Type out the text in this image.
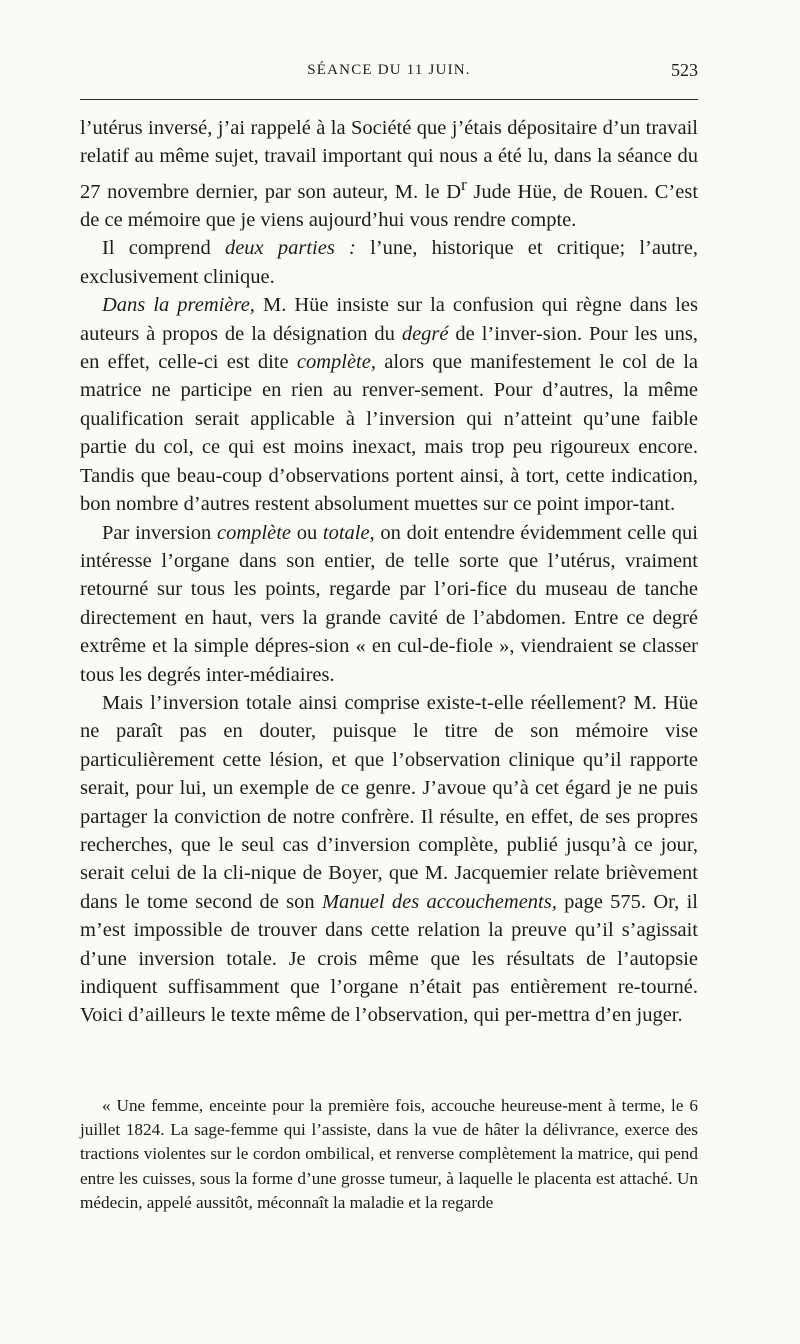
SÉANCE DU 11 JUIN.	523

l’utérus inversé, j’ai rappelé à la Société que j’étais dépositaire d’un travail relatif au même sujet, travail important qui nous a été lu, dans la séance du 27 novembre dernier, par son auteur, M. le $D^r$ Jude Hüe, de Rouen. C’est de ce mémoire que je viens aujourd’hui vous rendre compte.

Il comprend deux parties : l’une, historique et critique; l’autre, exclusivement clinique.

Dans la première, M. Hüe insiste sur la confusion qui règne dans les auteurs à propos de la désignation du degré de l’inver-sion. Pour les uns, en effet, celle-ci est dite complète, alors que manifestement le col de la matrice ne participe en rien au renver-sement. Pour d’autres, la même qualification serait applicable à l’inversion qui n’atteint qu’une faible partie du col, ce qui est moins inexact, mais trop peu rigoureux encore. Tandis que beau-coup d’observations portent ainsi, à tort, cette indication, bon nombre d’autres restent absolument muettes sur ce point impor-tant.

Par inversion complète ou totale, on doit entendre évidemment celle qui intéresse l’organe dans son entier, de telle sorte que l’utérus, vraiment retourné sur tous les points, regarde par l’ori-fice du museau de tanche directement en haut, vers la grande cavité de l’abdomen. Entre ce degré extrême et la simple dépres-sion « en cul-de-fiole », viendraient se classer tous les degrés inter-médiaires.

Mais l’inversion totale ainsi comprise existe-t-elle réellement? M. Hüe ne paraît pas en douter, puisque le titre de son mémoire vise particulièrement cette lésion, et que l’observation clinique qu’il rapporte serait, pour lui, un exemple de ce genre. J’avoue qu’à cet égard je ne puis partager la conviction de notre confrère. Il résulte, en effet, de ses propres recherches, que le seul cas d’inversion complète, publié jusqu’à ce jour, serait celui de la cli-nique de Boyer, que M. Jacquemier relate brièvement dans le tome second de son Manuel des accouchements, page 575. Or, il m’est impossible de trouver dans cette relation la preuve qu’il s’agissait d’une inversion totale. Je crois même que les résultats de l’autopsie indiquent suffisamment que l’organe n’était pas entièrement re-tourné. Voici d’ailleurs le texte même de l’observation, qui per-mettra d’en juger.

« Une femme, enceinte pour la première fois, accouche heureuse-ment à terme, le 6 juillet 1824. La sage-femme qui l’assiste, dans la vue de hâter la délivrance, exerce des tractions violentes sur le cordon ombilical, et renverse complètement la matrice, qui pend entre les cuisses, sous la forme d’une grosse tumeur, à laquelle le placenta est attaché. Un médecin, appelé aussitôt, méconnaît la maladie et la regarde
